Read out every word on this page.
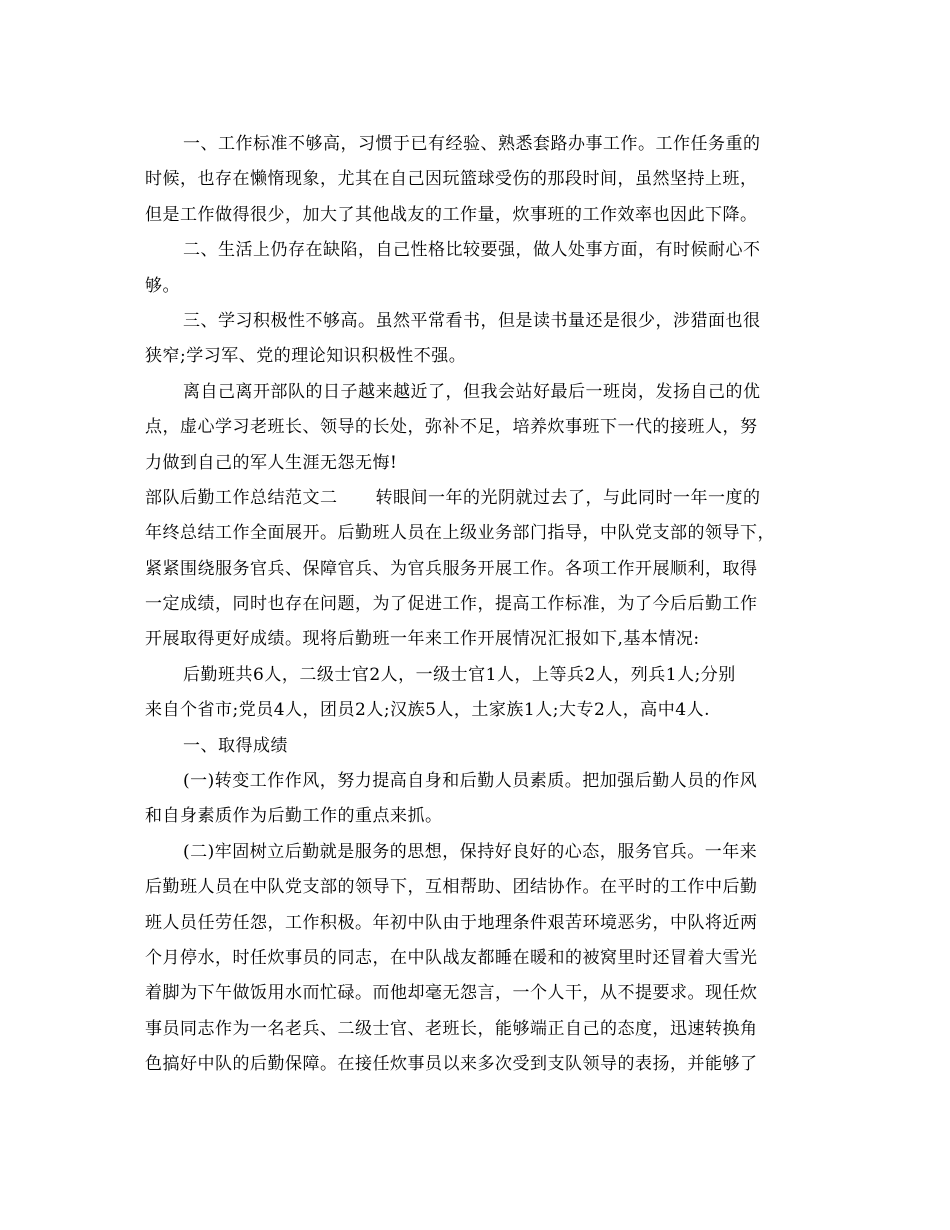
一、工作标准不够高，习惯于已有经验、熟悉套路办事工作。工作任务重的
时候，也存在懒惰现象，尤其在自己因玩篮球受伤的那段时间，虽然坚持上班，
但是工作做得很少，加大了其他战友的工作量，炊事班的工作效率也因此下降。
二、生活上仍存在缺陷，自己性格比较要强，做人处事方面，有时候耐心不
够。
三、学习积极性不够高。虽然平常看书，但是读书量还是很少，涉猎面也很
狭窄;学习军、党的理论知识积极性不强。
离自己离开部队的日子越来越近了，但我会站好最后一班岗，发扬自己的优
点，虚心学习老班长、领导的长处，弥补不足，培养炊事班下一代的接班人，努
力做到自己的军人生涯无怨无悔!
部队后勤工作总结范文二 转眼间一年的光阴就过去了，与此同时一年一度的
年终总结工作全面展开。后勤班人员在上级业务部门指导，中队党支部的领导下，
紧紧围绕服务官兵、保障官兵、为官兵服务开展工作。各项工作开展顺利，取得
一定成绩，同时也存在问题，为了促进工作，提高工作标准，为了今后后勤工作
开展取得更好成绩。现将后勤班一年来工作开展情况汇报如下,基本情况:
后勤班共6人，二级士官2人，一级士官1人，上等兵2人，列兵1人;分别
来自个省市;党员4人，团员2人;汉族5人，土家族1人;大专2人，高中4人.
一、取得成绩
(一)转变工作作风，努力提高自身和后勤人员素质。把加强后勤人员的作风
和自身素质作为后勤工作的重点来抓。
(二)牢固树立后勤就是服务的思想，保持好良好的心态，服务官兵。一年来
后勤班人员在中队党支部的领导下，互相帮助、团结协作。在平时的工作中后勤
班人员任劳任怨，工作积极。年初中队由于地理条件艰苦环境恶劣，中队将近两
个月停水，时任炊事员的同志，在中队战友都睡在暖和的被窝里时还冒着大雪光
着脚为下午做饭用水而忙碌。而他却毫无怨言，一个人干，从不提要求。现任炊
事员同志作为一名老兵、二级士官、老班长，能够端正自己的态度，迅速转换角
色搞好中队的后勤保障。在接任炊事员以来多次受到支队领导的表扬，并能够了
